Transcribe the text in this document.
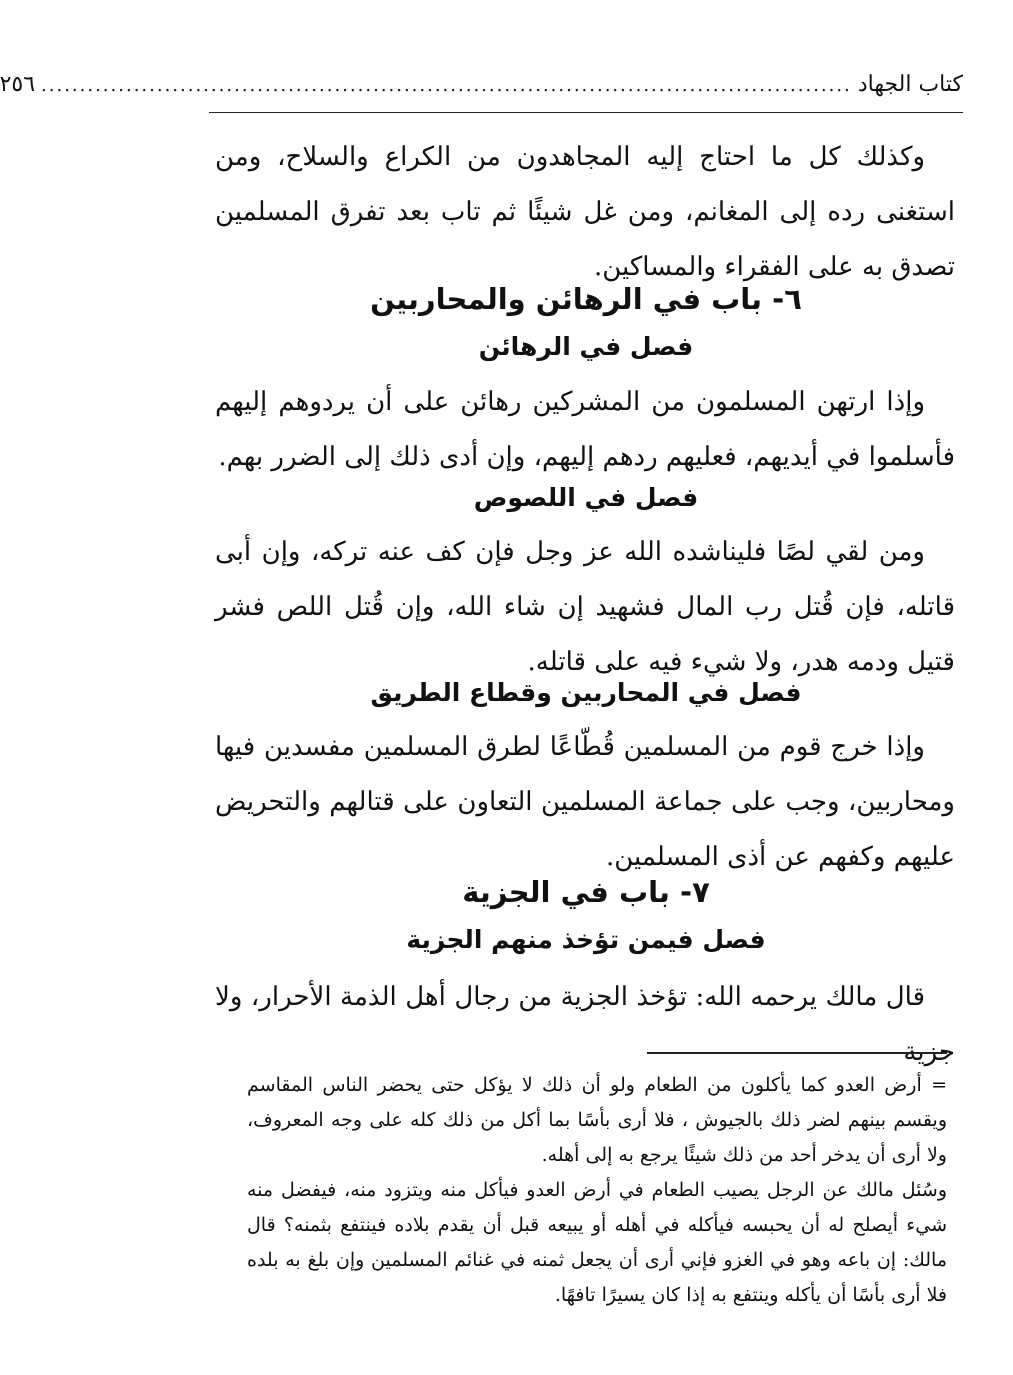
كتاب الجهاد
.........................................................................................................
٢٥٦

وكذلك كل ما احتاج إليه المجاهدون من الكراع والسلاح، ومن استغنى رده إلى المغانم، ومن غل شيئًا ثم تاب بعد تفرق المسلمين تصدق به على الفقراء والمساكين.

٦- باب في الرهائن والمحاربين
فصل في الرهائن

وإذا ارتهن المسلمون من المشركين رهائن على أن يردوهم إليهم فأسلموا في أيديهم، فعليهم ردهم إليهم، وإن أدى ذلك إلى الضرر بهم.

فصل في اللصوص

ومن لقي لصًا فليناشده الله عز وجل فإن كف عنه تركه، وإن أبى قاتله، فإن قُتل رب المال فشهيد إن شاء الله، وإن قُتل اللص فشر قتيل ودمه هدر، ولا شيء فيه على قاتله.

فصل في المحاربين وقطاع الطريق

وإذا خرج قوم من المسلمين قُطّاعًا لطرق المسلمين مفسدين فيها ومحاربين، وجب على جماعة المسلمين التعاون على قتالهم والتحريض عليهم وكفهم عن أذى المسلمين.

٧- باب في الجزية
فصل فيمن تؤخذ منهم الجزية

قال مالك يرحمه الله: تؤخذ الجزية من رجال أهل الذمة الأحرار، ولا جزية

= أرض العدو كما يأكلون من الطعام ولو أن ذلك لا يؤكل حتى يحضر الناس المقاسم ويقسم بينهم لضر ذلك بالجيوش ، فلا أرى بأسًا بما أكل من ذلك كله على وجه المعروف، ولا أرى أن يدخر أحد من ذلك شيئًا يرجع به إلى أهله.

وسُئل مالك عن الرجل يصيب الطعام في أرض العدو فيأكل منه ويتزود منه، فيفضل منه شيء أيصلح له أن يحبسه فيأكله في أهله أو يبيعه قبل أن يقدم بلاده فينتفع بثمنه؟ قال مالك: إن باعه وهو في الغزو فإني أرى أن يجعل ثمنه في غنائم المسلمين وإن بلغ به بلده فلا أرى بأسًا أن يأكله وينتفع به إذا كان يسيرًا تافهًا.
